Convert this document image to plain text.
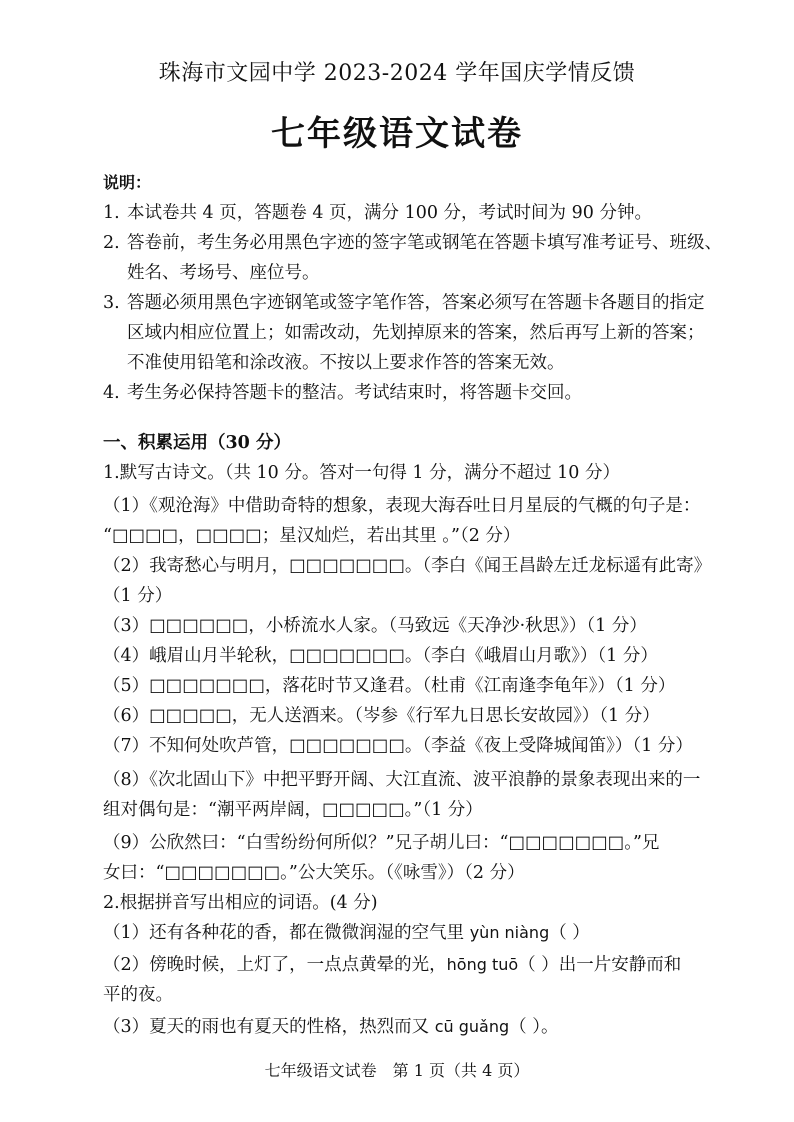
珠海市文园中学 2023-2024 学年国庆学情反馈
七年级语文试卷
说明：
1. 本试卷共 4 页，答题卷 4 页，满分 100 分，考试时间为 90 分钟。
2. 答卷前，考生务必用黑色字迹的签字笔或钢笔在答题卡填写准考证号、班级、
姓名、考场号、座位号。
3. 答题必须用黑色字迹钢笔或签字笔作答，答案必须写在答题卡各题目的指定
区域内相应位置上；如需改动，先划掉原来的答案，然后再写上新的答案；
不准使用铅笔和涂改液。不按以上要求作答的答案无效。
4. 考生务必保持答题卡的整洁。考试结束时，将答题卡交回。
一、积累运用（30 分）
1.默写古诗文。（共 10 分。答对一句得 1 分，满分不超过 10 分）
（1）《观沧海》中借助奇特的想象，表现大海吞吐日月星辰的气概的句子是：
“□□□□，□□□□；星汉灿烂，若出其里 。”（2 分）
（2）我寄愁心与明月，□□□□□□□。（李白《闻王昌龄左迁龙标遥有此寄》
（1 分）
（3）□□□□□□，小桥流水人家。（马致远《天净沙·秋思》）（1 分）
（4）峨眉山月半轮秋，□□□□□□□。（李白《峨眉山月歌》）（1 分）
（5）□□□□□□□，落花时节又逢君。（杜甫《江南逢李龟年》）（1 分）
（6）□□□□□，无人送酒来。（岑参《行军九日思长安故园》）（1 分）
（7）不知何处吹芦管，□□□□□□□。（李益《夜上受降城闻笛》）（1 分）
（8）《次北固山下》中把平野开阔、大江直流、波平浪静的景象表现出来的一
组对偶句是：“潮平两岸阔，□□□□□。”（1 分）
（9）公欣然曰：“白雪纷纷何所似？”兄子胡儿曰：“□□□□□□□。”兄
女曰：“□□□□□□□。”公大笑乐。（《咏雪》）（2 分）
2.根据拼音写出相应的词语。(4 分)
（1）还有各种花的香，都在微微润湿的空气里 yùn niàng（ ）
（2）傍晚时候，上灯了，一点点黄晕的光，hōng tuō（ ）出一片安静而和
平的夜。
（3）夏天的雨也有夏天的性格，热烈而又 cū guǎng（ ）。
七年级语文试卷　第 1 页（共 4 页）
